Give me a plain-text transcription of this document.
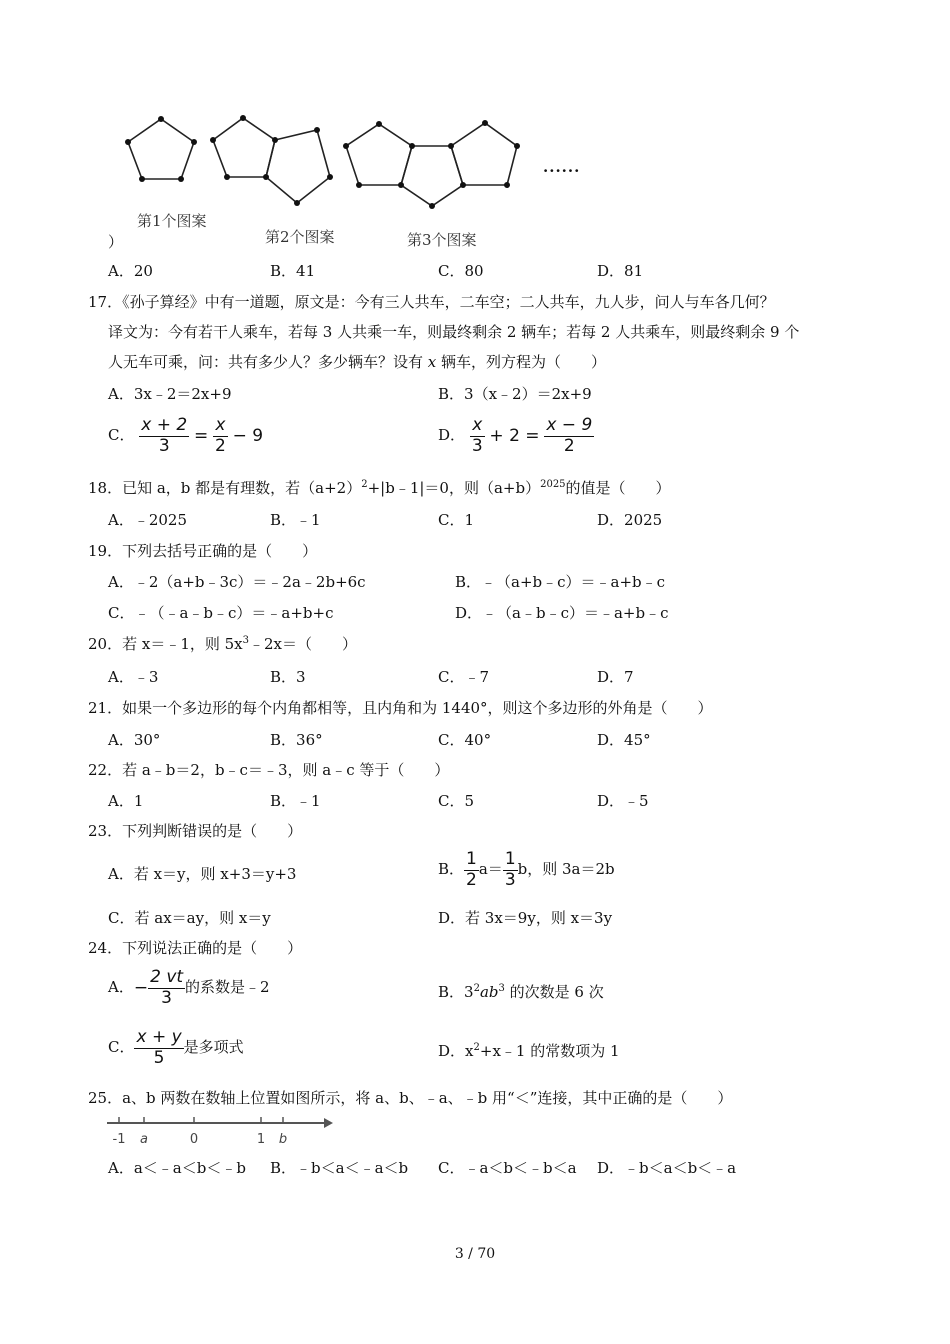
......
第1个图案
第2个图案	第3个图案
）
A．20	B．41	C．80	D．81
17．《孙子算经》中有一道题，原文是：今有三人共车，二车空；二人共车，九人步，问人与车各几何？
译文为：今有若干人乘车，若每 3 人共乘一车，则最终剩余 2 辆车；若每 2 人共乘车，则最终剩余 9 个
人无车可乘，问：共有多少人？多少辆车？设有 x 辆车，列方程为（　　）
A．3x﹣2＝2x+9	B．3（x﹣2）＝2x+9
C． $\frac{x + 2}{3} = \frac{x}{2} - 9$	D． $\frac{x}{3} + 2 = \frac{x - 9}{2}$
18．已知 a，b 都是有理数，若$(a+2)^2+|b﹣1|=0$，则$(a+b)^{2025}$的值是（　　）
A．﹣2025	B．﹣1	C．1	D．2025
19．下列去括号正确的是（　　）
A．﹣2（a+b﹣3c）＝﹣2a﹣2b+6c	B．﹣（a+b﹣c）＝﹣a+b﹣c
C．﹣（﹣a﹣b﹣c）＝﹣a+b+c	D．﹣（a﹣b﹣c）＝﹣a+b﹣c
20．若 x＝﹣1，则 $5x^3﹣2x=$（　　）
A．﹣3	B．3	C．﹣7	D．7
21．如果一个多边形的每个内角都相等，且内角和为 1440°，则这个多边形的外角是（　　）
A．30°	B．36°	C．40°	D．45°
22．若 a﹣b＝2，b﹣c＝﹣3，则 a﹣c 等于（　　）
A．1	B．﹣1	C．5	D．﹣5
23．下列判断错误的是（　　）
A．若 x＝y，则 x+3＝y+3	B． $\frac{1}{2} a= \frac{1}{3}$ b，则 3a＝2b
C．若 ax＝ay，则 x＝y	D．若 3x＝9y，则 x＝3y
24．下列说法正确的是（　　）
A．− $\frac{2 vt}{3}$ 的系数是﹣2	B．$3^2ab^3$ 的次数是 6 次
C． $\frac{x + y}{5}$ 是多项式	D．$x^2+x﹣1$ 的常数项为 1
25．a、b 两数在数轴上位置如图所示，将 a、b、﹣a、﹣b 用“＜”连接，其中正确的是（　　）
-1 a	0	1 b
A．a＜﹣a＜b＜﹣b B．﹣b＜a＜﹣a＜b C．﹣a＜b＜﹣b＜a D．﹣b＜a＜b＜﹣a
3 / 70
